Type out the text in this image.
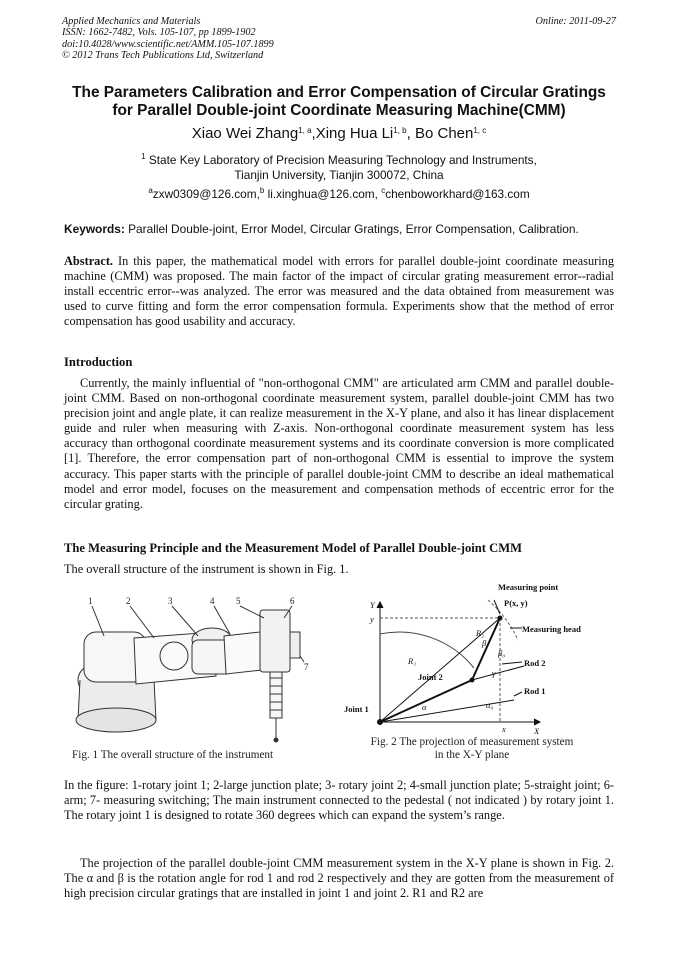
Applied Mechanics and Materials
ISSN: 1662-7482, Vols. 105-107, pp 1899-1902
doi:10.4028/www.scientific.net/AMM.105-107.1899
© 2012 Trans Tech Publications Ltd, Switzerland
Online: 2011-09-27
The Parameters Calibration and Error Compensation of Circular Gratings
for Parallel Double-joint Coordinate Measuring Machine(CMM)
Xiao Wei Zhang$^{1, a}$,Xing Hua Li$^{1, b}$, Bo Chen$^{1, c}$
$^1$ State Key Laboratory of Precision Measuring Technology and Instruments,
Tianjin University, Tianjin 300072, China
$^a$zxw0309@126.com,$^b$ li.xinghua@126.com, $^c$chenboworkhard@163.com
Keywords: Parallel Double-joint, Error Model, Circular Gratings, Error Compensation, Calibration.
Abstract. In this paper, the mathematical model with errors for parallel double-joint coordinate measuring machine (CMM) was proposed. The main factor of the impact of circular grating measurement error--radial install eccentric error--was analyzed. The error was measured and the data obtained from measurement was used to curve fitting and form the error compensation formula. Experiments show that the method of error compensation has good usability and accuracy.
Introduction
Currently, the mainly influential of "non-orthogonal CMM" are articulated arm CMM and parallel double-joint CMM. Based on non-orthogonal coordinate measurement system, parallel double-joint CMM has two precision joint and angle plate, it can realize measurement in the X-Y plane, and also it has linear displacement guide and ruler when measuring with Z-axis. Non-orthogonal coordinate measurement system has less accuracy than orthogonal coordinate measurement systems and its coordinate conversion is more complicated [1]. Therefore, the error compensation part of non-orthogonal CMM is essential to improve the system accuracy. This paper starts with the principle of parallel double-joint CMM to describe an ideal mathematical model and error model, focuses on the measurement and compensation methods of eccentric error for the circular grating.
The Measuring Principle and the Measurement Model of Parallel Double-joint CMM
The overall structure of the instrument is shown in Fig. 1.
1	2	3	4 5	6
7
Fig. 1 The overall structure of the instrument
Measuring point
P(x, y)
Measuring head
Rod 2
Rod 1
Joint 1
Joint 2
Y
X
y
x
R₁
R₂
α	α₀
β
β₀
γ
Fig. 2 The projection of measurement system
in the X-Y plane
In the figure: 1-rotary joint 1; 2-large junction plate; 3- rotary joint 2; 4-small junction plate; 5-straight joint; 6-arm; 7- measuring switching; The main instrument connected to the pedestal ( not indicated ) by rotary joint 1. The rotary joint 1 is designed to rotate 360 degrees which can expand the system’s range.
The projection of the parallel double-joint CMM measurement system in the X-Y plane is shown in Fig. 2. The α and β is the rotation angle for rod 1 and rod 2 respectively and they are gotten from the measurement of high precision circular gratings that are installed in joint 1 and joint 2. R1 and R2 are
